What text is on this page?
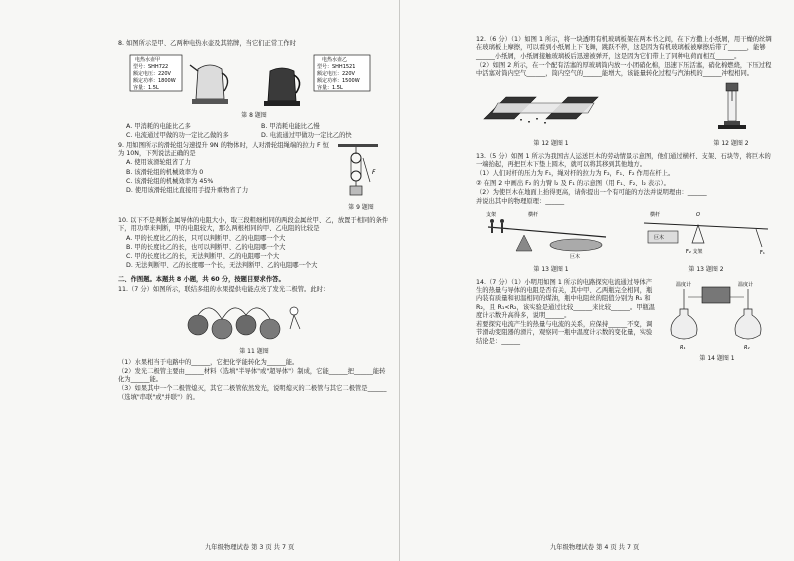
8. 如图所示是甲、乙两种电热水壶及其铭牌，当它们正常工作时

电热水壶甲
型号：SHH722
额定电压：220V
额定功率：1800W
容量：1.5L
电热水壶乙
型号：SHH1521
额定电压：220V
额定功率：1500W
容量：1.5L
第 8 题图
A. 甲消耗的电能比乙多	B. 甲消耗电能比乙慢
C. 电流通过甲做的功一定比乙做的多	D. 电流通过甲做功一定比乙的快

9. 用如图所示的滑轮组匀速提升 9N 的物体时，人对滑轮组绳端的拉力 F 恒为 10N，下列说法正确的是

A. 使用该滑轮组省了力
B. 该滑轮组的机械效率为 0
C. 该滑轮组的机械效率为 45%
D. 使用该滑轮组比直接用手提升重物省了力
F
第 9 题图

10. 以下不是判断金属导体的电阻大小，取三段粗细相同的两段金属丝甲、乙，放置于相同的条件下，用功率来判断，甲的电阻较大，那么两根相同的甲、乙电阻的比较是

A. 甲的长度比乙的长，只可以判断甲、乙的电阻哪一个大
B. 甲的长度比乙的长，也可以判断甲、乙的电阻哪一个大
C. 甲的长度比乙的长，无法判断甲、乙的电阻哪一个大
D. 无法判断甲、乙的长度哪一个长，无法判断甲、乙的电阻哪一个大
二、作图题。本题共 8 小题，共 60 分，按题目要求作答。

11.（7 分）如图所示，联结多组的水果提供电能点亮了发光二极管。此时：

第 11 题图

（1）水果相当于电路中的______，它把化学能转化为______能。

（2）发光二极管主要由______材料（选填"半导体"或"超导体"）制成，它能______把______能转化为______能。

（3）如果其中一个二极管熄灭，其它二极管依然发光，说明熄灭的二极管与其它二极管是______（选填"串联"或"并联"）的。

九年级物理试卷 第 3 页 共 7 页

12.（6 分）（1）如图 1 所示，将一块透明有机玻璃板架在两本书之间，在下方撒上小纸屑，用干燥的丝绸在玻璃板上摩擦，可以看到小纸屑上下飞舞，跳跃不停，这是因为有机玻璃板被摩擦后带了______，能够______小纸屑，小纸屑接触玻璃板后迅速被弹开，这是因为它们带上了同种电荷而相互______。

（2）如图 2 所示，在一个配有活塞的厚玻璃筒内放一小团硝化棉，迅速下压活塞，硝化棉燃烧，下压过程中活塞对筒内空气______，筒内空气的______能增大，该能量转化过程与汽油机的______冲程相同。

第 12 题图 1	第 12 题图 2

13.（5 分）如图 1 所示为我国古人运送巨木的劳动情景示意图，他们通过横杆、支架、石块等，将巨木的一端抬起，再把巨木下垫上圆木，就可以将其移到其他地方。

（1）人们对杆的压力为 F₁，绳对杆的拉力为 F₂，F₁、F₂ 作用在杆上。

② 在图 2 中画出 F₂ 的力臂 l₂ 及 F₁ 的示意图（用 F₁、F₂、l₂ 表示）。

（2）为使巨木在地面上抬得更高，请你提出一个有可能的方法并说明理由：______

并说出其中的物理原理：______

支架	横杆
巨木
第 13 题图 1
横杆	O
巨木
F₁
F₂ 支架
第 13 题图 2

14.（7 分）（1）小明用如图 1 所示的电路探究电流通过导体产生的热量与导体的电阻是否有关，其中甲、乙两瓶完全相同，瓶内装有质量和初温相同的煤油，瓶中电阻丝的阻值分别为 R₁ 和 R₂，且 R₁<R₂，该实验是通过比较______来比较______。甲瓶温度计示数升高得多，说明______。

若要探究电流产生的热量与电流的关系，应保持______不变，调节滑动变阻器的滑片，观察同一瓶中温度计示数的变化量，实验结论是：______

温度计	温度计
R₁	R₂
第 14 题图 1
九年级物理试卷 第 4 页 共 7 页
